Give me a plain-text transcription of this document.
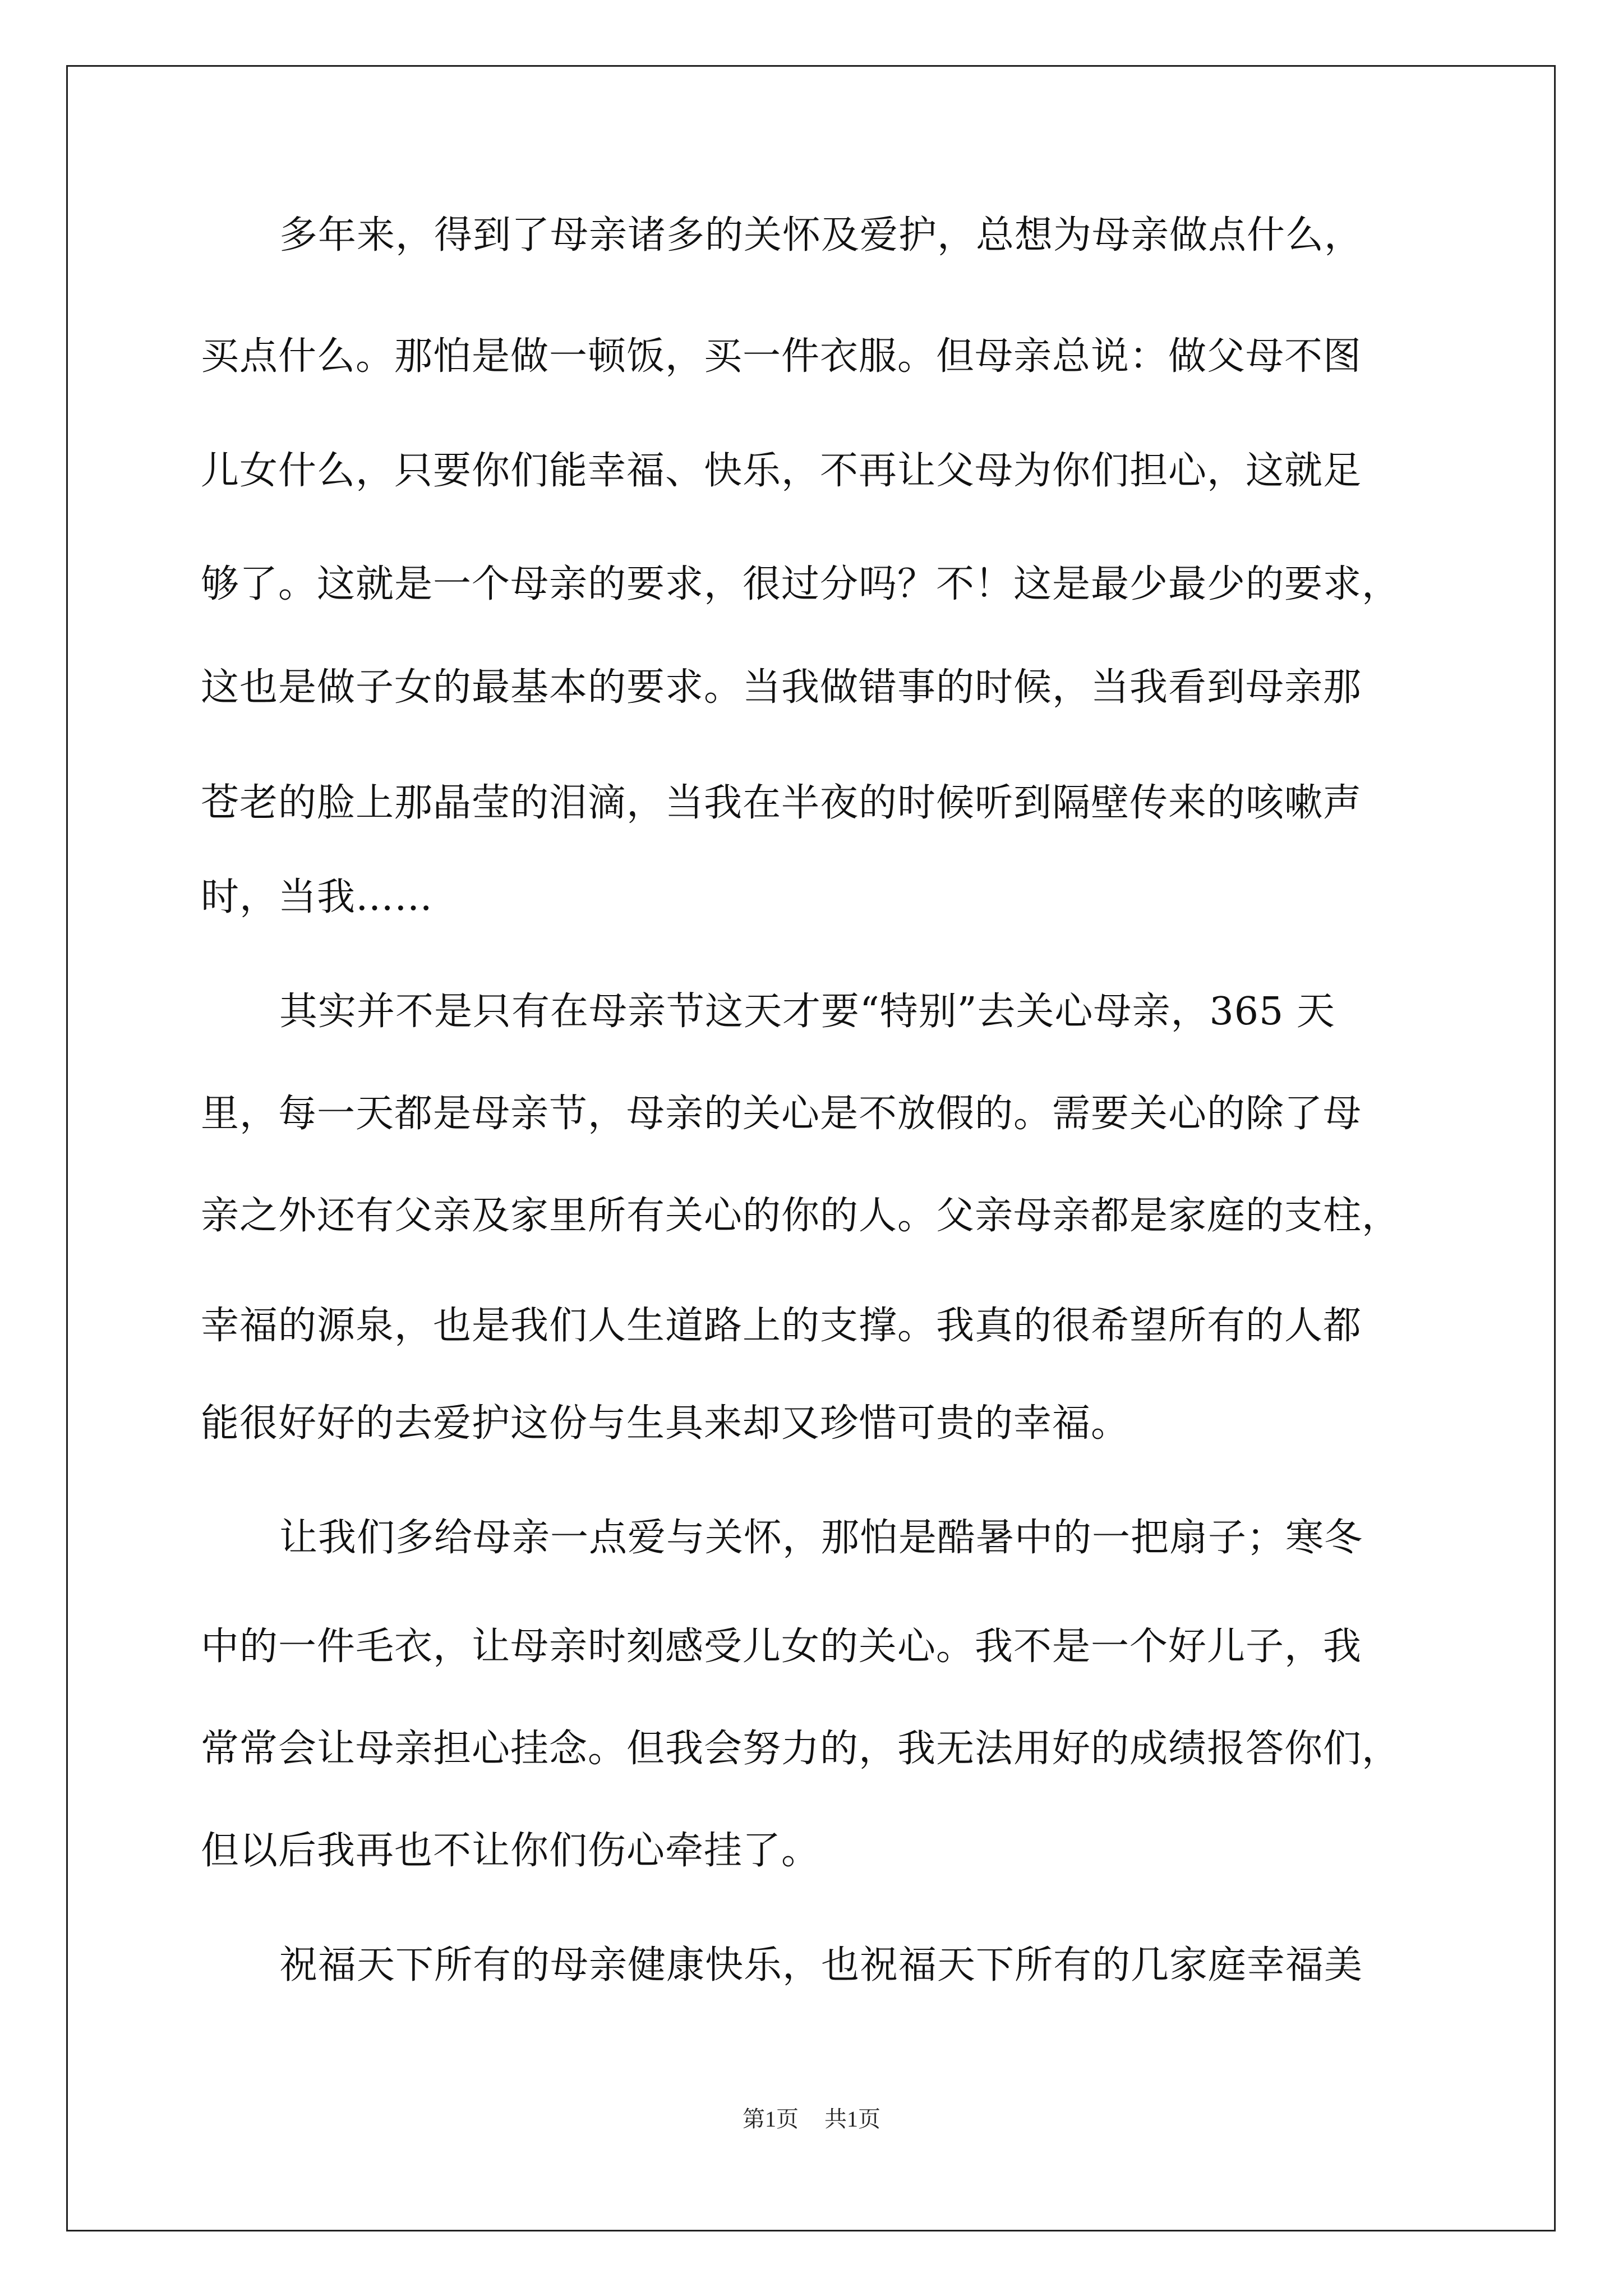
多年来，得到了母亲诸多的关怀及爱护，总想为母亲做点什么，
买点什么。那怕是做一顿饭，买一件衣服。但母亲总说：做父母不图
儿女什么，只要你们能幸福、快乐，不再让父母为你们担心，这就足
够了。这就是一个母亲的要求，很过分吗？不！这是最少最少的要求，
这也是做子女的最基本的要求。当我做错事的时候，当我看到母亲那
苍老的脸上那晶莹的泪滴，当我在半夜的时候听到隔壁传来的咳嗽声
时，当我……
其实并不是只有在母亲节这天才要“特别”去关心母亲，365 天
里，每一天都是母亲节，母亲的关心是不放假的。需要关心的除了母
亲之外还有父亲及家里所有关心的你的人。父亲母亲都是家庭的支柱，
幸福的源泉，也是我们人生道路上的支撑。我真的很希望所有的人都
能很好好的去爱护这份与生具来却又珍惜可贵的幸福。
让我们多给母亲一点爱与关怀，那怕是酷暑中的一把扇子；寒冬
中的一件毛衣，让母亲时刻感受儿女的关心。我不是一个好儿子，我
常常会让母亲担心挂念。但我会努力的，我无法用好的成绩报答你们，
但以后我再也不让你们伤心牵挂了。
祝福天下所有的母亲健康快乐，也祝福天下所有的几家庭幸福美
第1页 共1页
